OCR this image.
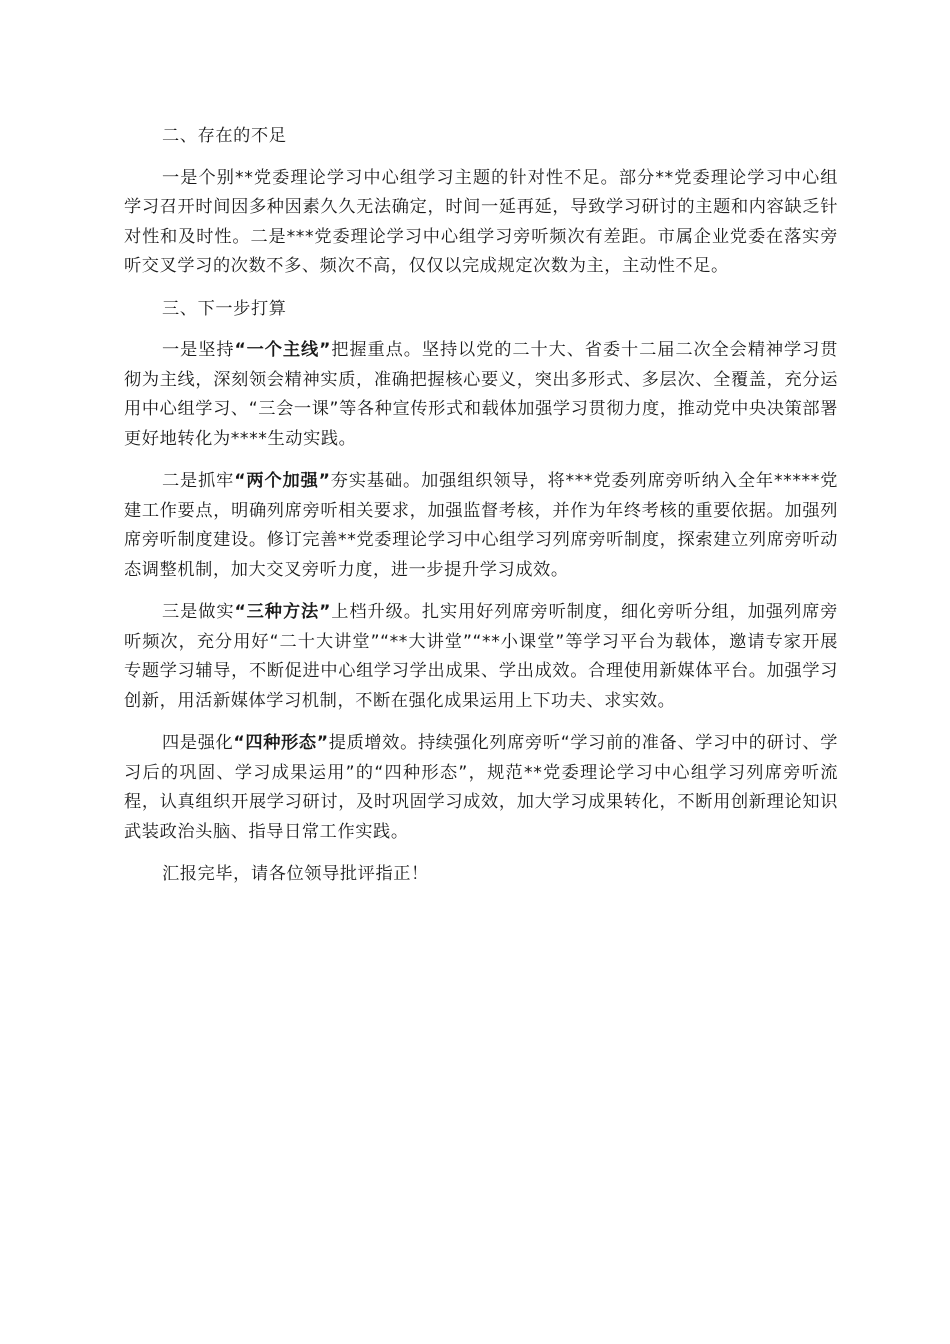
二、存在的不足

一是个别**党委理论学习中心组学习主题的针对性不足。部分**党委理论学习中心组学习召开时间因多种因素久久无法确定，时间一延再延，导致学习研讨的主题和内容缺乏针对性和及时性。二是***党委理论学习中心组学习旁听频次有差距。市属企业党委在落实旁听交叉学习的次数不多、频次不高，仅仅以完成规定次数为主，主动性不足。

三、下一步打算

一是坚持“一个主线”把握重点。坚持以党的二十大、省委十二届二次全会精神学习贯彻为主线，深刻领会精神实质，准确把握核心要义，突出多形式、多层次、全覆盖，充分运用中心组学习、“三会一课”等各种宣传形式和载体加强学习贯彻力度，推动党中央决策部署更好地转化为****生动实践。

二是抓牢“两个加强”夯实基础。加强组织领导，将***党委列席旁听纳入全年*****党建工作要点，明确列席旁听相关要求，加强监督考核，并作为年终考核的重要依据。加强列席旁听制度建设。修订完善**党委理论学习中心组学习列席旁听制度，探索建立列席旁听动态调整机制，加大交叉旁听力度，进一步提升学习成效。

三是做实“三种方法”上档升级。扎实用好列席旁听制度，细化旁听分组，加强列席旁听频次，充分用好“二十大讲堂”“**大讲堂”“**小课堂”等学习平台为载体，邀请专家开展专题学习辅导，不断促进中心组学习学出成果、学出成效。合理使用新媒体平台。加强学习创新，用活新媒体学习机制，不断在强化成果运用上下功夫、求实效。

四是强化“四种形态”提质增效。持续强化列席旁听“学习前的准备、学习中的研讨、学习后的巩固、学习成果运用”的“四种形态”，规范**党委理论学习中心组学习列席旁听流程，认真组织开展学习研讨，及时巩固学习成效，加大学习成果转化，不断用创新理论知识武装政治头脑、指导日常工作实践。

汇报完毕，请各位领导批评指正！
